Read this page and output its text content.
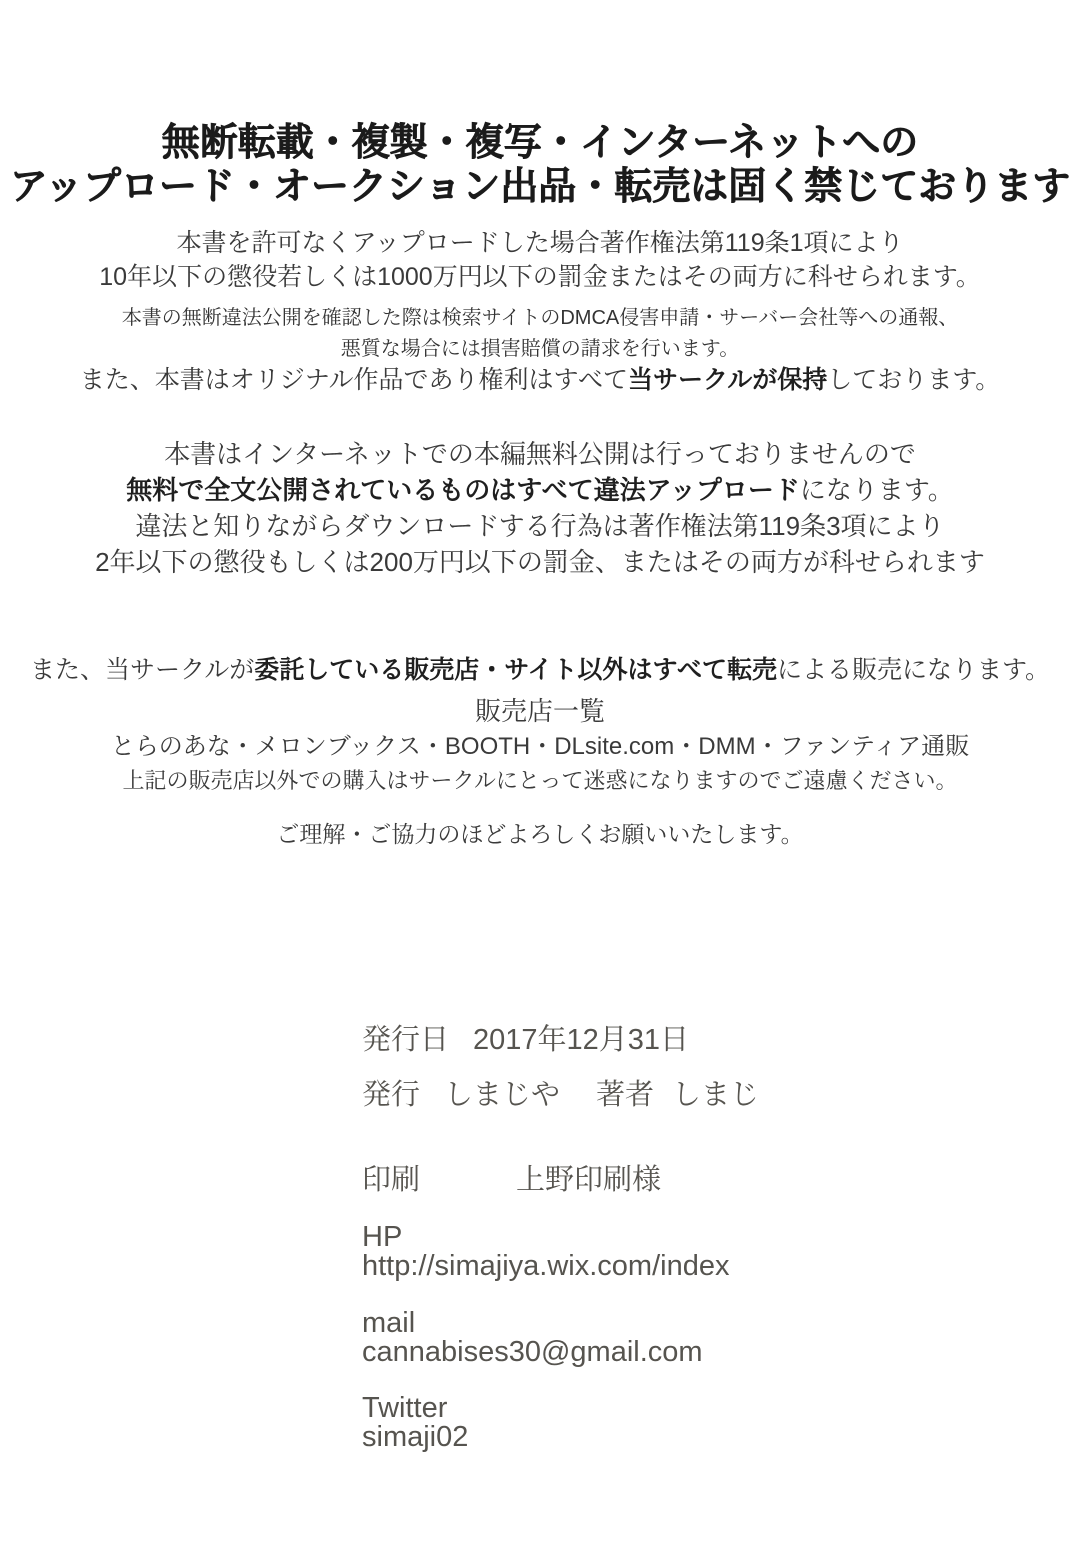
無断転載・複製・複写・インターネットへの
アップロード・オークション出品・転売は固く禁じております
本書を許可なくアップロードした場合著作権法第119条1項により
10年以下の懲役若しくは1000万円以下の罰金またはその両方に科せられます。
本書の無断違法公開を確認した際は検索サイトのDMCA侵害申請・サーバー会社等への通報、
悪質な場合には損害賠償の請求を行います。
また、本書はオリジナル作品であり権利はすべて当サークルが保持しております。
本書はインターネットでの本編無料公開は行っておりませんので
無料で全文公開されているものはすべて違法アップロードになります。
違法と知りながらダウンロードする行為は著作権法第119条3項により
2年以下の懲役もしくは200万円以下の罰金、またはその両方が科せられます
また、当サークルが委託している販売店・サイト以外はすべて転売による販売になります。
販売店一覧
とらのあな・メロンブックス・BOOTH・DLsite.com・DMM・ファンティア通販
上記の販売店以外での購入はサークルにとって迷惑になりますのでご遠慮ください。
ご理解・ご協力のほどよろしくお願いいたします。
発行日 2017年12月31日
発行 しまじや 著者 しまじ
印刷	上野印刷様
HP
http://simajiya.wix.com/index
mail
cannabises30@gmail.com
Twitter
simaji02
